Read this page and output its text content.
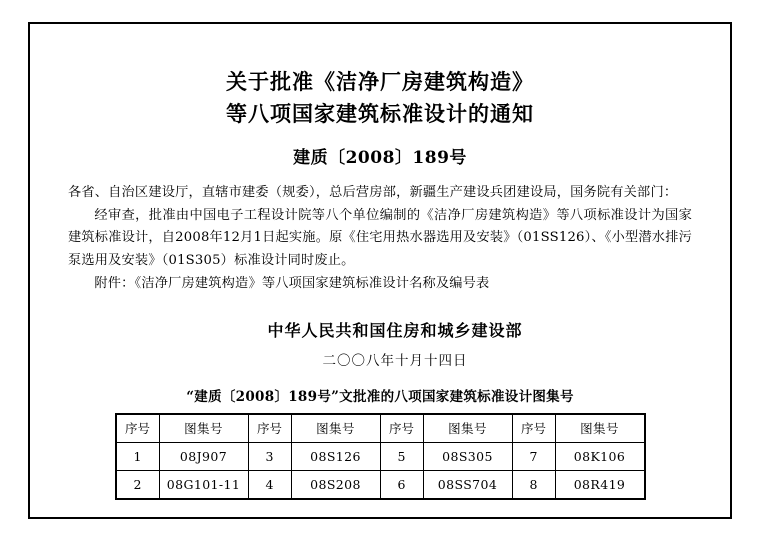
关于批准《洁净厂房建筑构造》
等八项国家建筑标准设计的通知
建质〔2008〕189号

各省、自治区建设厅，直辖市建委（规委），总后营房部，新疆生产建设兵团建设局，国务院有关部门：

经审查，批准由中国电子工程设计院等八个单位编制的《洁净厂房建筑构造》等八项标准设计为国家建筑标准设计，自2008年12月1日起实施。原《住宅用热水器选用及安装》（01SS126）、《小型潜水排污泵选用及安装》（01S305）标准设计同时废止。

附件：《洁净厂房建筑构造》等八项国家建筑标准设计名称及编号表

中华人民共和国住房和城乡建设部
二〇〇八年十月十四日
“建质〔2008〕189号”文批准的八项国家建筑标准设计图集号
序号	图集号	序号	图集号	序号	图集号	序号	图集号
1	08J907	3	08S126	5	08S305	7	08K106
2	08G101-11	4	08S208	6	08SS704	8	08R419
